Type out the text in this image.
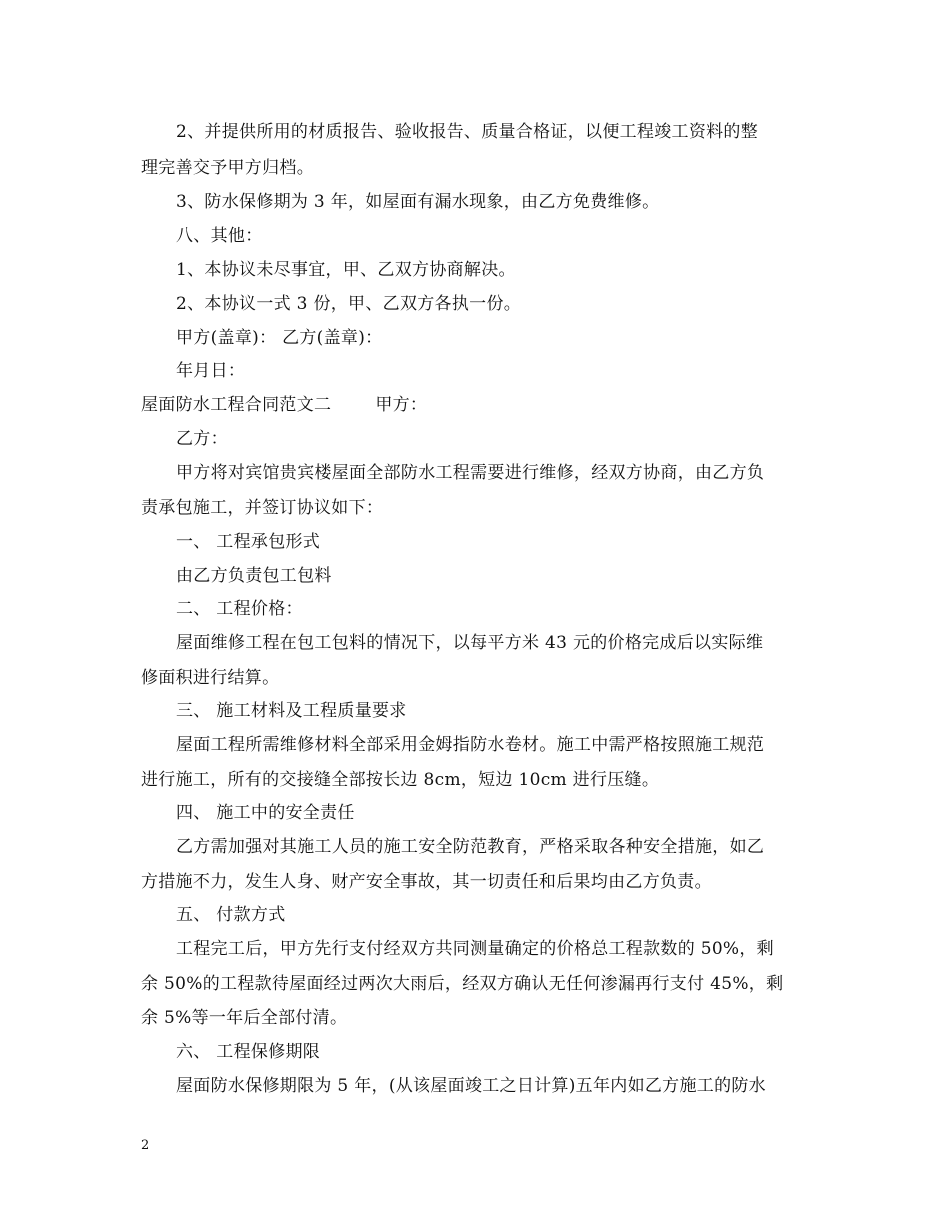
2、并提供所用的材质报告、验收报告、质量合格证，以便工程竣工资料的整
理完善交予甲方归档。
3、防水保修期为 3 年，如屋面有漏水现象，由乙方免费维修。
八、其他：
1、本协议未尽事宜，甲、乙双方协商解决。
2、本协议一式 3 份，甲、乙双方各执一份。
甲方(盖章)： 乙方(盖章)：
年月日：
屋面防水工程合同范文二	甲方：
乙方：
甲方将对宾馆贵宾楼屋面全部防水工程需要进行维修，经双方协商，由乙方负
责承包施工，并签订协议如下：
一、 工程承包形式
由乙方负责包工包料
二、 工程价格：
屋面维修工程在包工包料的情况下，以每平方米 43 元的价格完成后以实际维
修面积进行结算。
三、 施工材料及工程质量要求
屋面工程所需维修材料全部采用金姆指防水卷材。施工中需严格按照施工规范
进行施工，所有的交接缝全部按长边 8cm，短边 10cm 进行压缝。
四、 施工中的安全责任
乙方需加强对其施工人员的施工安全防范教育，严格采取各种安全措施，如乙
方措施不力，发生人身、财产安全事故，其一切责任和后果均由乙方负责。
五、 付款方式
工程完工后，甲方先行支付经双方共同测量确定的价格总工程款数的 50%，剩
余 50%的工程款待屋面经过两次大雨后，经双方确认无任何渗漏再行支付 45%，剩
余 5%等一年后全部付清。
六、 工程保修期限
屋面防水保修期限为 5 年，(从该屋面竣工之日计算)五年内如乙方施工的防水
2
